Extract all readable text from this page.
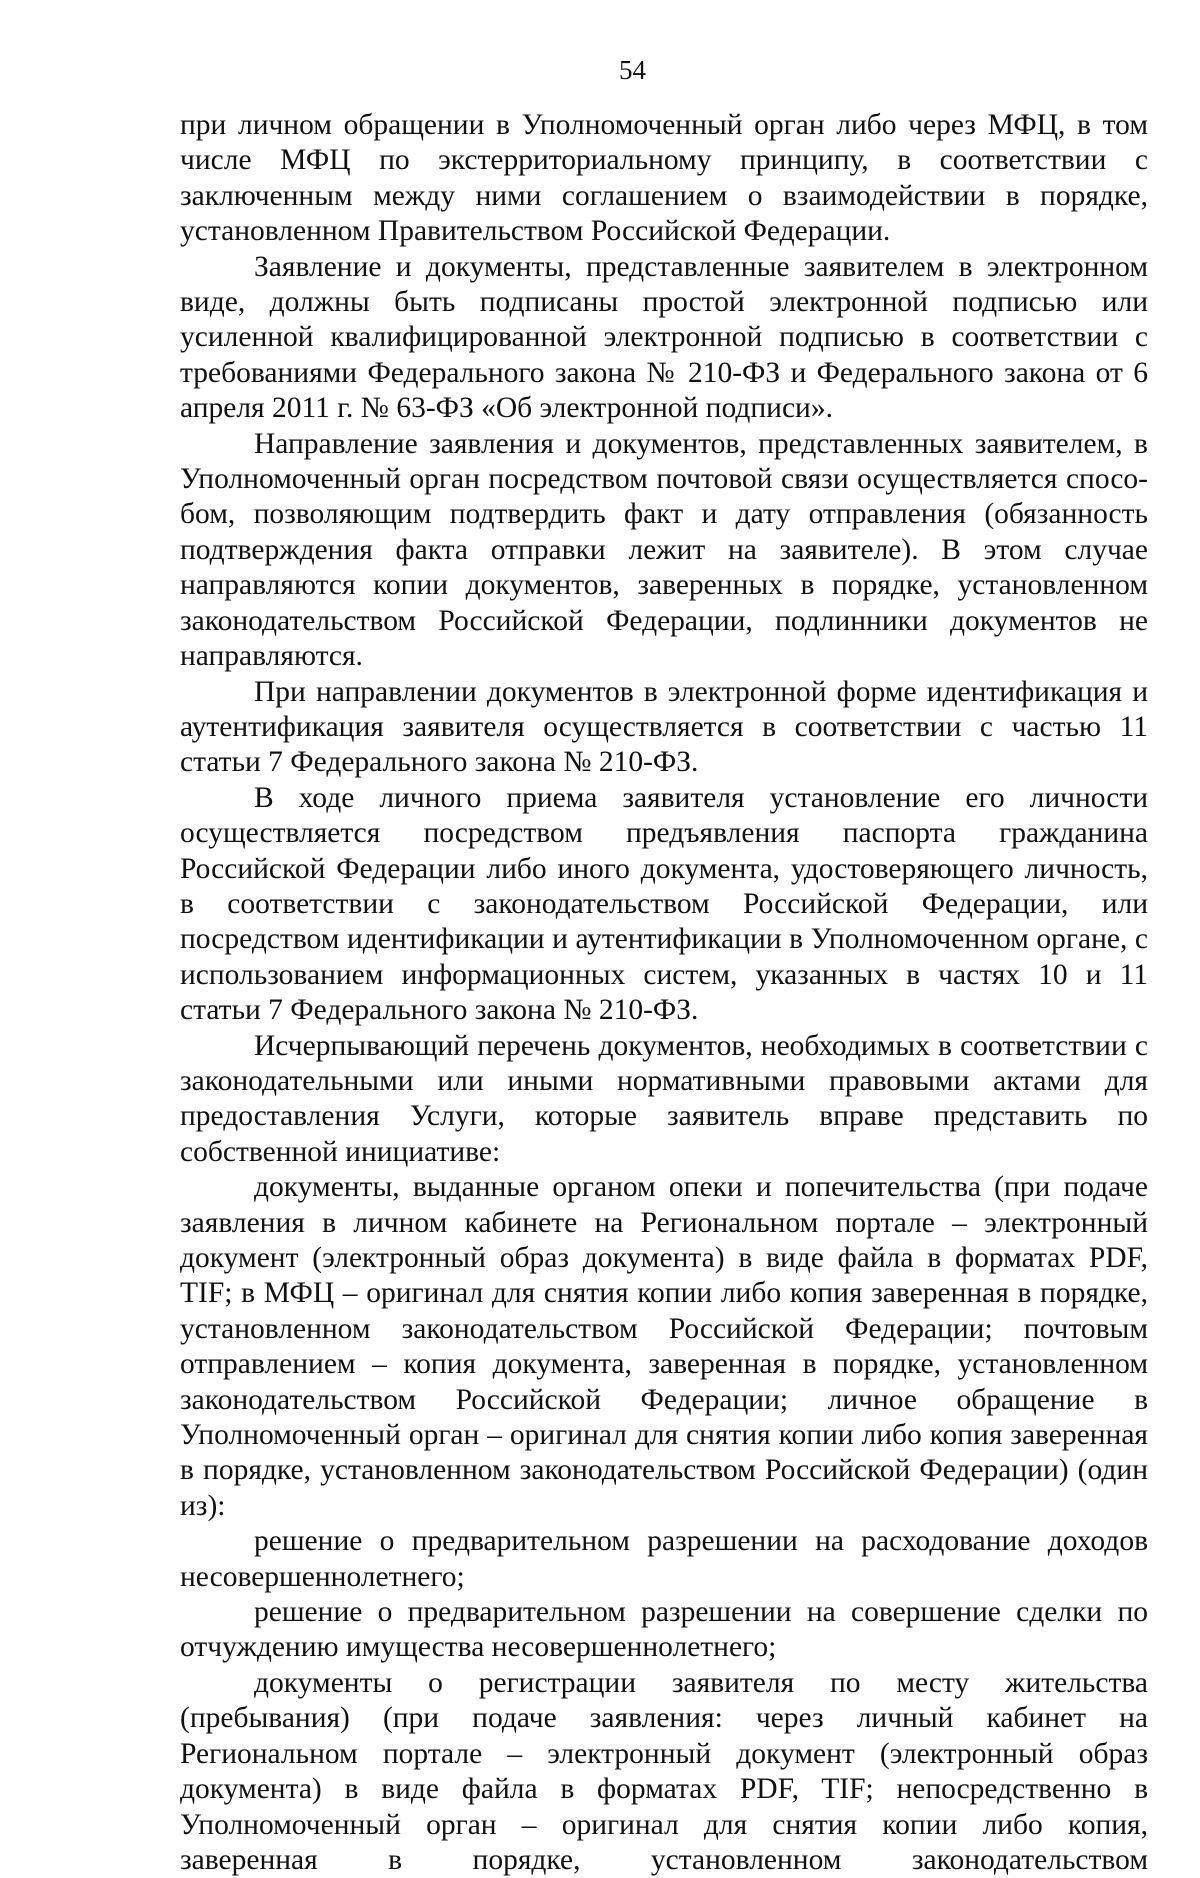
54

при личном обращении в Уполномоченный орган либо через МФЦ, в том числе МФЦ по экстерриториальному принципу, в соответствии с заключенным между ними соглашением о взаимодействии в порядке, установленном Правительством Российской Федерации.

Заявление и документы, представленные заявителем в электронном виде, должны быть подписаны простой электронной подписью или усиленной квалифицированной электронной подписью в соответствии с требованиями Федерального закона № 210-ФЗ и Федерального закона от 6 апреля 2011 г. № 63-ФЗ «Об электронной подписи».

Направление заявления и документов, представленных заявителем, в Уполномоченный орган посредством почтовой связи осуществляется способом, позволяющим подтвердить факт и дату отправления (обязанность подтверждения факта отправки лежит на заявителе). В этом случае направляются копии документов, заверенных в порядке, установленном законодательством Российской Федерации, подлинники документов не направляются.

При направлении документов в электронной форме идентификация и аутентификация заявителя осуществляется в соответствии с частью 11 статьи 7 Федерального закона № 210-ФЗ.

В ходе личного приема заявителя установление его личности осуществляется посредством предъявления паспорта гражданина Российской Федерации либо иного документа, удостоверяющего личность, в соответствии с законодательством Российской Федерации, или посредством идентификации и аутентификации в Уполномоченном органе, с использованием информационных систем, указанных в частях 10 и 11 статьи 7 Федерального закона № 210-ФЗ.

Исчерпывающий перечень документов, необходимых в соответствии с законодательными или иными нормативными правовыми актами для предоставления Услуги, которые заявитель вправе представить по собственной инициативе:

документы, выданные органом опеки и попечительства (при подаче заявления в личном кабинете на Региональном портале – электронный документ (электронный образ документа) в виде файла в форматах PDF, TIF; в МФЦ – оригинал для снятия копии либо копия заверенная в порядке, установленном законодательством Российской Федерации; почтовым отправлением – копия документа, заверенная в порядке, установленном законодательством Российской Федерации; личное обращение в Уполномоченный орган – оригинал для снятия копии либо копия заверенная в порядке, установленном законодательством Российской Федерации) (один из):

решение о предварительном разрешении на расходование доходов несовершеннолетнего;

решение о предварительном разрешении на совершение сделки по отчуждению имущества несовершеннолетнего;

документы о регистрации заявителя по месту жительства (пребывания) (при подаче заявления: через личный кабинет на Региональном портале – электронный документ (электронный образ документа) в виде файла в форматах PDF, TIF; непосредственно в Уполномоченный орган – оригинал для снятия копии либо копия, заверенная в порядке, установленном законодательством
